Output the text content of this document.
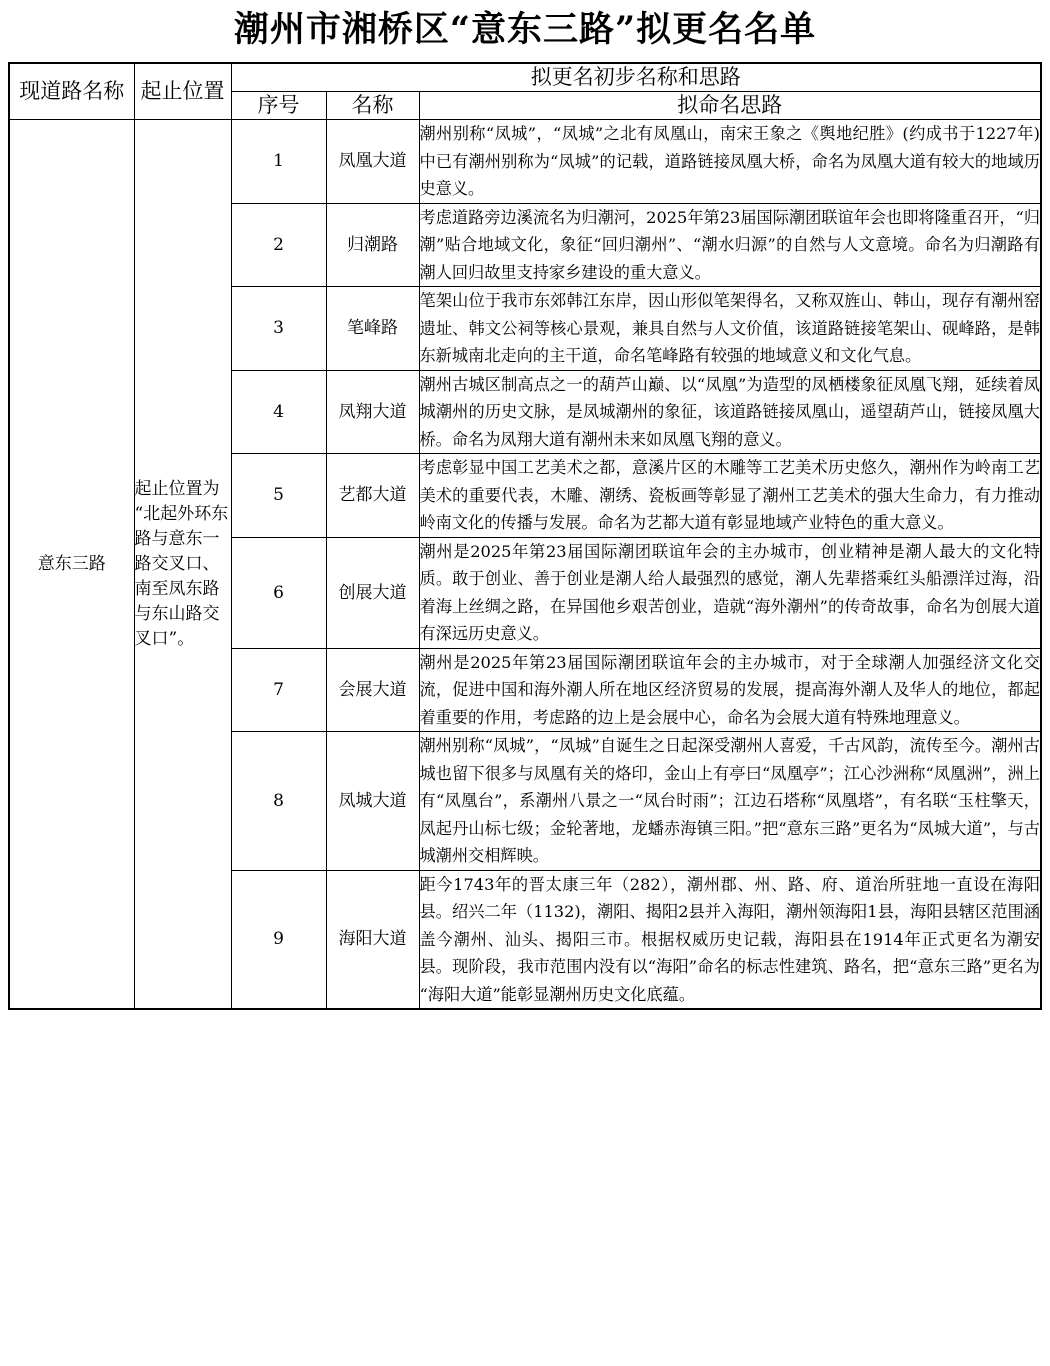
潮州市湘桥区“意东三路”拟更名名单
现道路名称	起止位置	拟更名初步名称和思路		
		序号	名称	拟命名思路
意东三路	起止位置为“北起外环东路与意东一路交叉口、南至凤东路与东山路交叉口”。	1	凤凰大道	潮州别称“凤城”，“凤城”之北有凤凰山，南宋王象之《舆地纪胜》(约成书于1227年)中已有潮州别称为“凤城”的记载，道路链接凤凰大桥，命名为凤凰大道有较大的地域历史意义。
		2	归潮路	考虑道路旁边溪流名为归潮河，2025年第23届国际潮团联谊年会也即将隆重召开，“归潮”贴合地域文化，象征“回归潮州”、“潮水归源”的自然与人文意境。命名为归潮路有潮人回归故里支持家乡建设的重大意义。
		3	笔峰路	笔架山位于我市东郊韩江东岸，因山形似笔架得名，又称双旌山、韩山，现存有潮州窑遗址、韩文公祠等核心景观，兼具自然与人文价值，该道路链接笔架山、砚峰路，是韩东新城南北走向的主干道，命名笔峰路有较强的地域意义和文化气息。
		4	凤翔大道	潮州古城区制高点之一的葫芦山巅、以“凤凰”为造型的凤栖楼象征凤凰飞翔，延续着凤城潮州的历史文脉，是凤城潮州的象征，该道路链接凤凰山，遥望葫芦山，链接凤凰大桥。命名为凤翔大道有潮州未来如凤凰飞翔的意义。
		5	艺都大道	考虑彰显中国工艺美术之都，意溪片区的木雕等工艺美术历史悠久，潮州作为岭南工艺美术的重要代表，木雕、潮绣、瓷板画等彰显了潮州工艺美术的强大生命力，有力推动岭南文化的传播与发展。命名为艺都大道有彰显地域产业特色的重大意义。
		6	创展大道	潮州是2025年第23届国际潮团联谊年会的主办城市，创业精神是潮人最大的文化特质。敢于创业、善于创业是潮人给人最强烈的感觉，潮人先辈搭乘红头船漂洋过海，沿着海上丝绸之路，在异国他乡艰苦创业，造就“海外潮州”的传奇故事，命名为创展大道有深远历史意义。
		7	会展大道	潮州是2025年第23届国际潮团联谊年会的主办城市，对于全球潮人加强经济文化交流，促进中国和海外潮人所在地区经济贸易的发展，提高海外潮人及华人的地位，都起着重要的作用，考虑路的边上是会展中心，命名为会展大道有特殊地理意义。
		8	凤城大道	潮州别称“凤城”，“凤城”自诞生之日起深受潮州人喜爱，千古风韵，流传至今。潮州古城也留下很多与凤凰有关的烙印，金山上有亭曰“凤凰亭”；江心沙洲称“凤凰洲”，洲上有“凤凰台”，系潮州八景之一“凤台时雨”；江边石塔称“凤凰塔”，有名联“玉柱擎天，凤起丹山标七级；金轮著地，龙蟠赤海镇三阳。”把“意东三路”更名为“凤城大道”，与古城潮州交相辉映。
		9	海阳大道	距今1743年的晋太康三年（282），潮州郡、州、路、府、道治所驻地一直设在海阳县。绍兴二年（1132)，潮阳、揭阳2县并入海阳，潮州领海阳1县，海阳县辖区范围涵盖今潮州、汕头、揭阳三市。根据权威历史记载，海阳县在1914年正式更名为潮安县。现阶段，我市范围内没有以“海阳”命名的标志性建筑、路名，把“意东三路”更名为“海阳大道”能彰显潮州历史文化底蕴。
